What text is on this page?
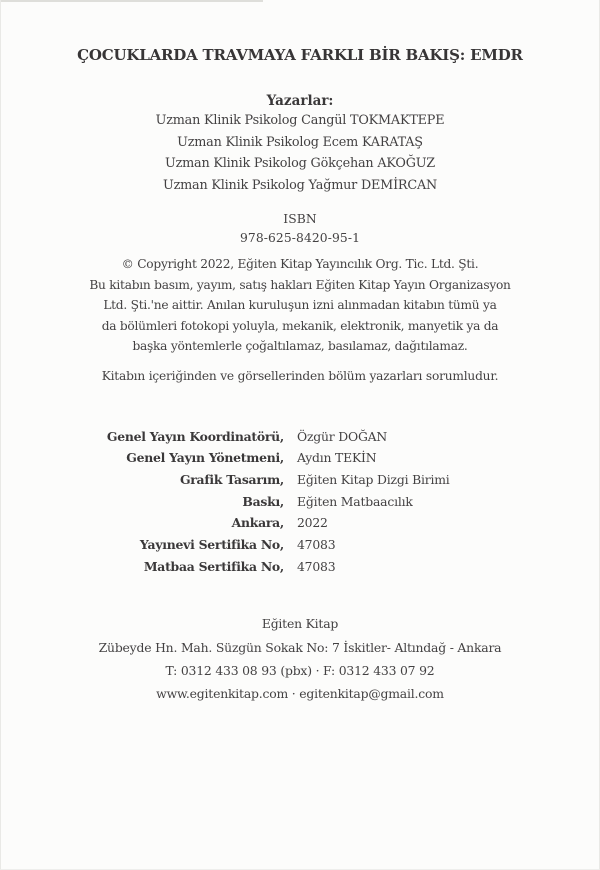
ÇOCUKLARDA TRAVMAYA FARKLI BİR BAKIŞ: EMDR
Yazarlar:
Uzman Klinik Psikolog Cangül TOKMAKTEPE
Uzman Klinik Psikolog Ecem KARATAŞ
Uzman Klinik Psikolog Gökçehan AKOĞUZ
Uzman Klinik Psikolog Yağmur DEMİRCAN
ISBN
978-625-8420-95-1
© Copyright 2022, Eğiten Kitap Yayıncılık Org. Tic. Ltd. Şti.
Bu kitabın basım, yayım, satış hakları Eğiten Kitap Yayın Organizasyon
Ltd. Şti.'ne aittir. Anılan kuruluşun izni alınmadan kitabın tümü ya
da bölümleri fotokopi yoluyla, mekanik, elektronik, manyetik ya da
başka yöntemlerle çoğaltılamaz, basılamaz, dağıtılamaz.
Kitabın içeriğinden ve görsellerinden bölüm yazarları sorumludur.
Genel Yayın Koordinatörü,	Özgür DOĞAN
Genel Yayın Yönetmeni,	Aydın TEKİN
Grafik Tasarım,	Eğiten Kitap Dizgi Birimi
Baskı,	Eğiten Matbaacılık
Ankara,	2022
Yayınevi Sertifika No,	47083
Matbaa Sertifika No,	47083
Eğiten Kitap
Zübeyde Hn. Mah. Süzgün Sokak No: 7 İskitler- Altındağ - Ankara
T: 0312 433 08 93 (pbx) · F: 0312 433 07 92
www.egitenkitap.com · egitenkitap@gmail.com
